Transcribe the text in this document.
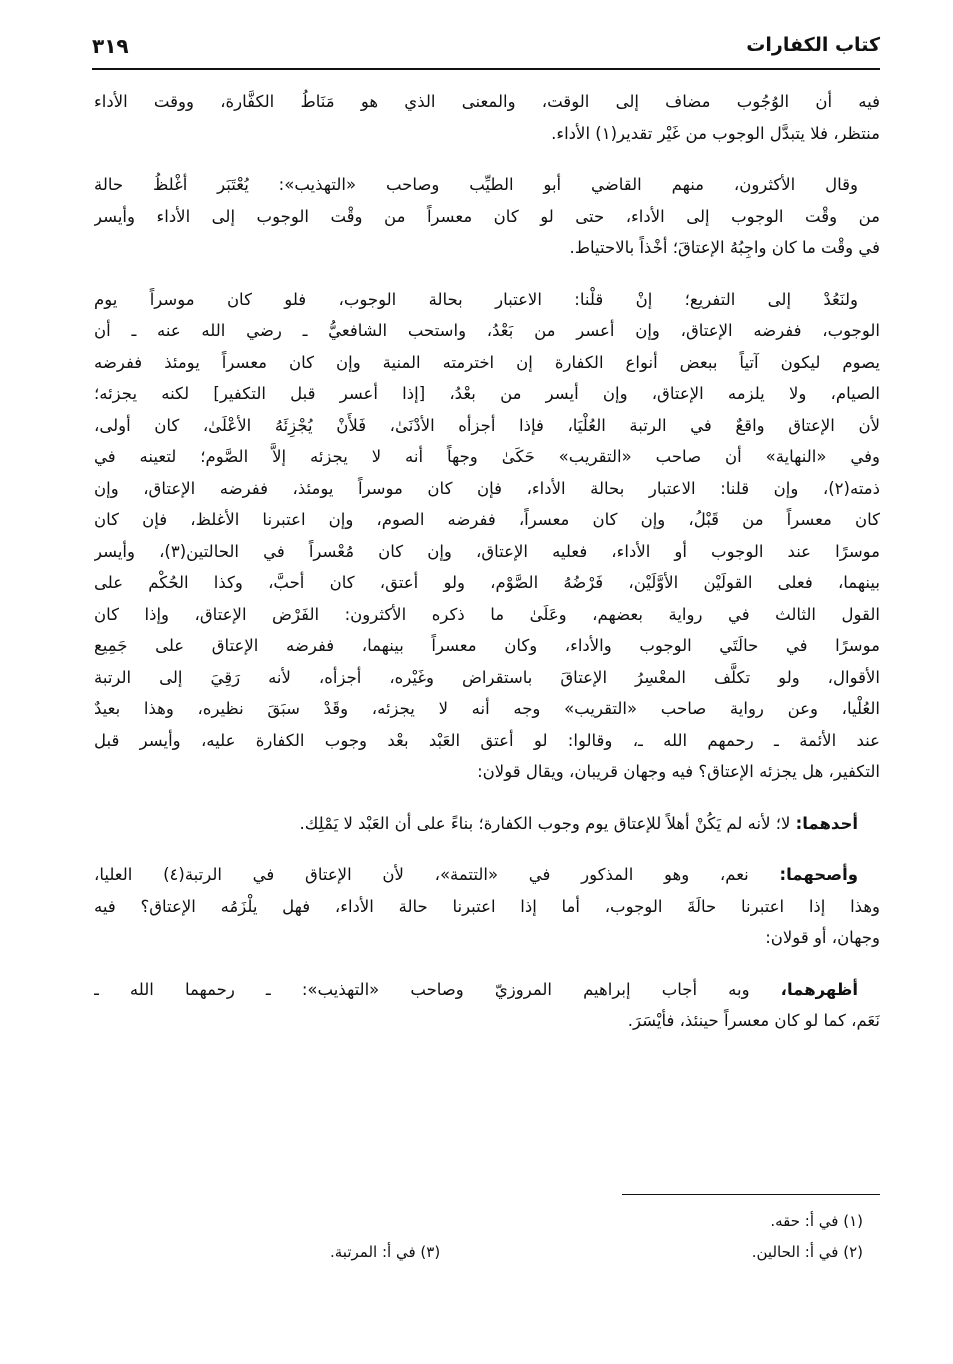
كتاب الكفارات
٣١٩
فيه أن الوُجُوب مضاف إلى الوقت، والمعنى الذي هو مَنَاطُ الكفَّارة، ووقت الأداء
منتظر، فلا يتبدَّل الوجوب من غَيْر تقدير(١) الأداء.
وقال الأكثرون، منهم القاضي أبو الطيِّب وصاحب «التهذيب»: يُعْتَبَر أغْلظُ حالة
من وقْت الوجوب إلى الأداء، حتى لو كان معسراً من وقْت الوجوب إلى الأداء وأيسر
في وقْت ما كان واجِبُهُ الإعتاقَ؛ أخْذاً بالاحتياط.
ولنَعُدْ إلى التفريع؛ إنْ قلْنا: الاعتبار بحالة الوجوب، فلو كان موسراً يوم
الوجوب، ففرضه الإعتاق، وإن أعسر من بَعْدُ، واستحب الشافعيُّ ـ رضي الله عنه ـ أن
يصوم ليكون آتياً ببعض أنواع الكفارة إن اخترمته المنية وإن كان معسراً يومئذ ففرضه
الصيام، ولا يلزمه الإعتاق، وإن أيسر من بعْدُ، [إذا أعسر قبل التكفير] لكنه يجزئه؛
لأن الإعتاق واقعٌ في الرتبة العُلْيَا، فإذا أجزأه الأدْنَىٰ، فَلأَنْ يُجْزِئَهُ الأعْلَىٰ، كان أولى،
وفي «النهاية» أن صاحب «التقريب» حَكَىٰ وجهاً أنه لا يجزئه إلاَّ الصَّوم؛ لتعينه في
ذمته(٢)، وإن قلنا: الاعتبار بحالة الأداء، فإن كان موسراً يومئذ، ففرضه الإعتاق، وإن
كان معسراً من قَبْلُ، وإن كان معسراً، ففرضه الصوم، وإن اعتبرنا الأغلظ، فإن كان
موسرًا عند الوجوب أو الأداء، فعليه الإعتاق، وإن كان مُعْسراً في الحالتين(٣)، وأيسر
بينهما، فعلى القولَيْن الأوَّلَيْن، فَرْضُهُ الصَّوْم، ولو أعتق، كان أحبَّ، وكذا الحُكْم على
القول الثالث في رواية بعضهم، وعَلَىٰ ما ذكره الأكثرون: الفَرْض الإعتاق، وإذا كان
موسرًا في حالَتَي الوجوب والأداء، وكان معسراً بينهما، ففرضه الإعتاق على جَمِيع
الأقوال، ولو تكلَّف المعْسِرُ الإعتاقَ باستقراض وغَيْره، أجزأه، لأنه رَقِيَ إلى الرتبة
العُلْيا، وعن رواية صاحب «التقريب» وجه أنه لا يجزئه، وقَدْ سبَقَ نظيره، وهذا بعيدٌ
عند الأئمة ـ رحمهم الله ـ، وقالوا: لو أعتق العَبْد بعْد وجوب الكفارة عليه، وأيسر قبل
التكفير، هل يجزئه الإعتاق؟ فيه وجهان قريبان، ويقال قولان:
أحدهما: لا؛ لأنه لم يَكُنْ أهلاً للإعتاق يوم وجوب الكفارة؛ بناءً على أن العَبْد لا يَمْلِك.
وأصحهما: نعم، وهو المذكور في «التتمة»، لأن الإعتاق في الرتبة(٤) العليا،
وهذا إذا اعتبرنا حالَةَ الوجوب، أما إذا اعتبرنا حالة الأداء، فهل يلْزَمُه الإعتاق؟ فيه
وجهان، أو قولان:
أظهرهما، وبه أجاب إبراهيم المروزيّ وصاحب «التهذيب»: ـ رحمهما الله ـ
نَعَم، كما لو كان معسراً حينئذ، فأيْسَرَ.
(١) في أ: حقه.
(٢) في أ: الحالين.
(٣) في أ: المرتبة.
